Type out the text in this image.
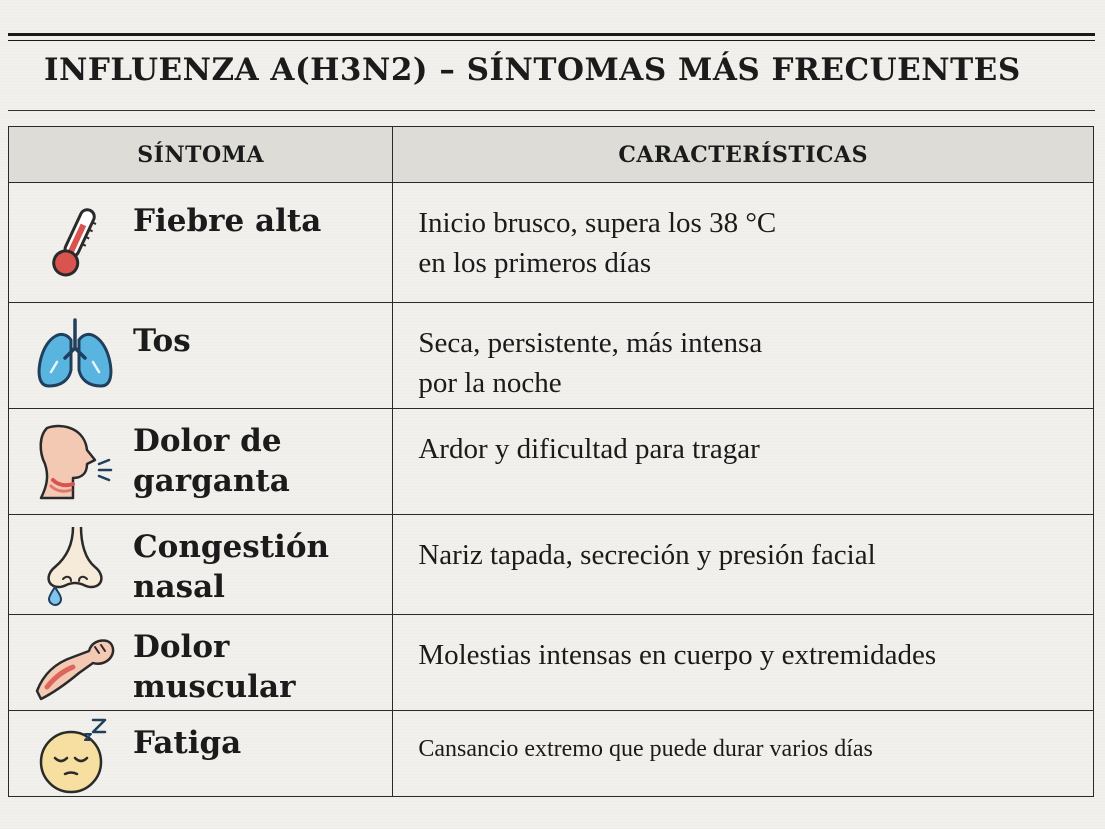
INFLUENZA A(H3N2) – SÍNTOMAS MÁS FRECUENTES
SÍNTOMA	CARACTERÍSTICAS

Fiebre alta	Inicio brusco, supera los 38 °C
en los primeros días

Tos	Seca, persistente, más intensa
por la noche

Dolor de
garganta	Ardor y dificultad para tragar

Congestión
nasal	Nariz tapada, secreción y presión facial

Dolor
muscular	Molestias intensas en cuerpo y extremidades

Fatiga	Cansancio extremo que puede durar varios días
